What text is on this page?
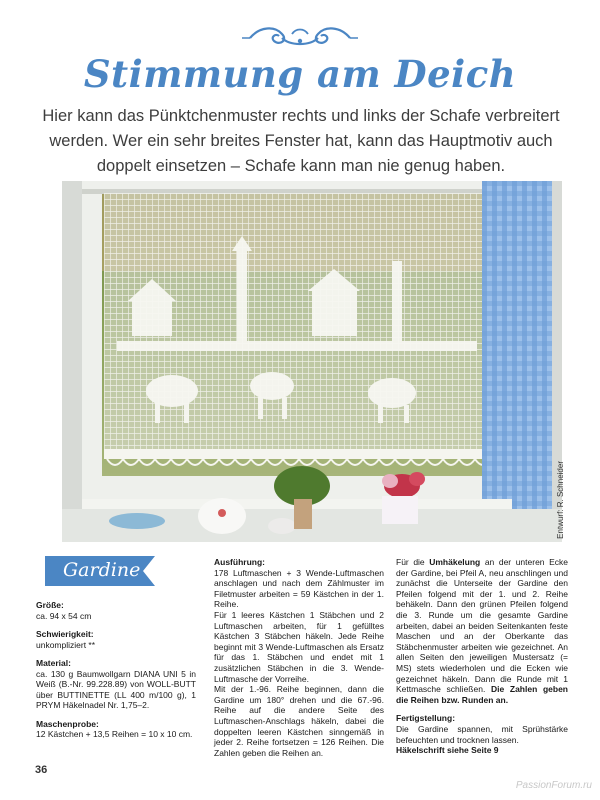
Stimmung am Deich
Hier kann das Pünktchenmuster rechts und links der Schafe verbreitert werden. Wer ein sehr breites Fenster hat, kann das Hauptmotiv auch doppelt einsetzen – Schafe kann man nie genug haben.
Entwurf: R. Schneider
Gardine
Größe:
ca. 94 x 54 cm
Schwierigkeit:
unkompliziert **
Material:
ca. 130 g Baumwollgarn DIANA UNI 5 in Weiß (B.-Nr. 99.228.89) von WOLL-BUTT über BUTTINETTE (LL 400 m/100 g), 1 PRYM Häkelnadel Nr. 1,75–2.
Maschenprobe:
12 Kästchen + 13,5 Reihen = 10 x 10 cm.
Ausführung:

178 Luftmaschen + 3 Wende-Luftmaschen anschlagen und nach dem Zählmuster im Filetmuster arbeiten = 59 Kästchen in der 1. Reihe.

Für 1 leeres Kästchen 1 Stäbchen und 2 Luftmaschen arbeiten, für 1 gefülltes Kästchen 3 Stäbchen häkeln. Jede Reihe beginnt mit 3 Wende-Luftmaschen als Ersatz für das 1. Stäbchen und endet mit 1 zusätzlichen Stäbchen in die 3. Wende-Luftmasche der Vorreihe.

Mit der 1.-96. Reihe beginnen, dann die Gardine um 180° drehen und die 67.-96. Reihe auf die andere Seite des Luftmaschen-Anschlags häkeln, dabei die doppelten leeren Kästchen sinngemäß in jeder 2. Reihe fortsetzen = 126 Reihen. Die Zahlen geben die Reihen an.

Für die Umhäkelung an der unteren Ecke der Gardine, bei Pfeil A, neu anschlingen und zunächst die Unterseite der Gardine den Pfeilen folgend mit der 1. und 2. Reihe behäkeln. Dann den grünen Pfeilen folgend die 3. Runde um die gesamte Gardine arbeiten, dabei an beiden Seitenkanten feste Maschen und an der Oberkante das Stäbchenmuster arbeiten wie gezeichnet. An allen Seiten den jeweiligen Mustersatz (= MS) stets wiederholen und die Ecken wie gezeichnet häkeln. Dann die Runde mit 1 Kettmasche schließen. Die Zahlen geben die Reihen bzw. Runden an.

Fertigstellung:

Die Gardine spannen, mit Sprühstärke befeuchten und trocknen lassen.

Häkelschrift siehe Seite 9
36
PassionForum.ru
